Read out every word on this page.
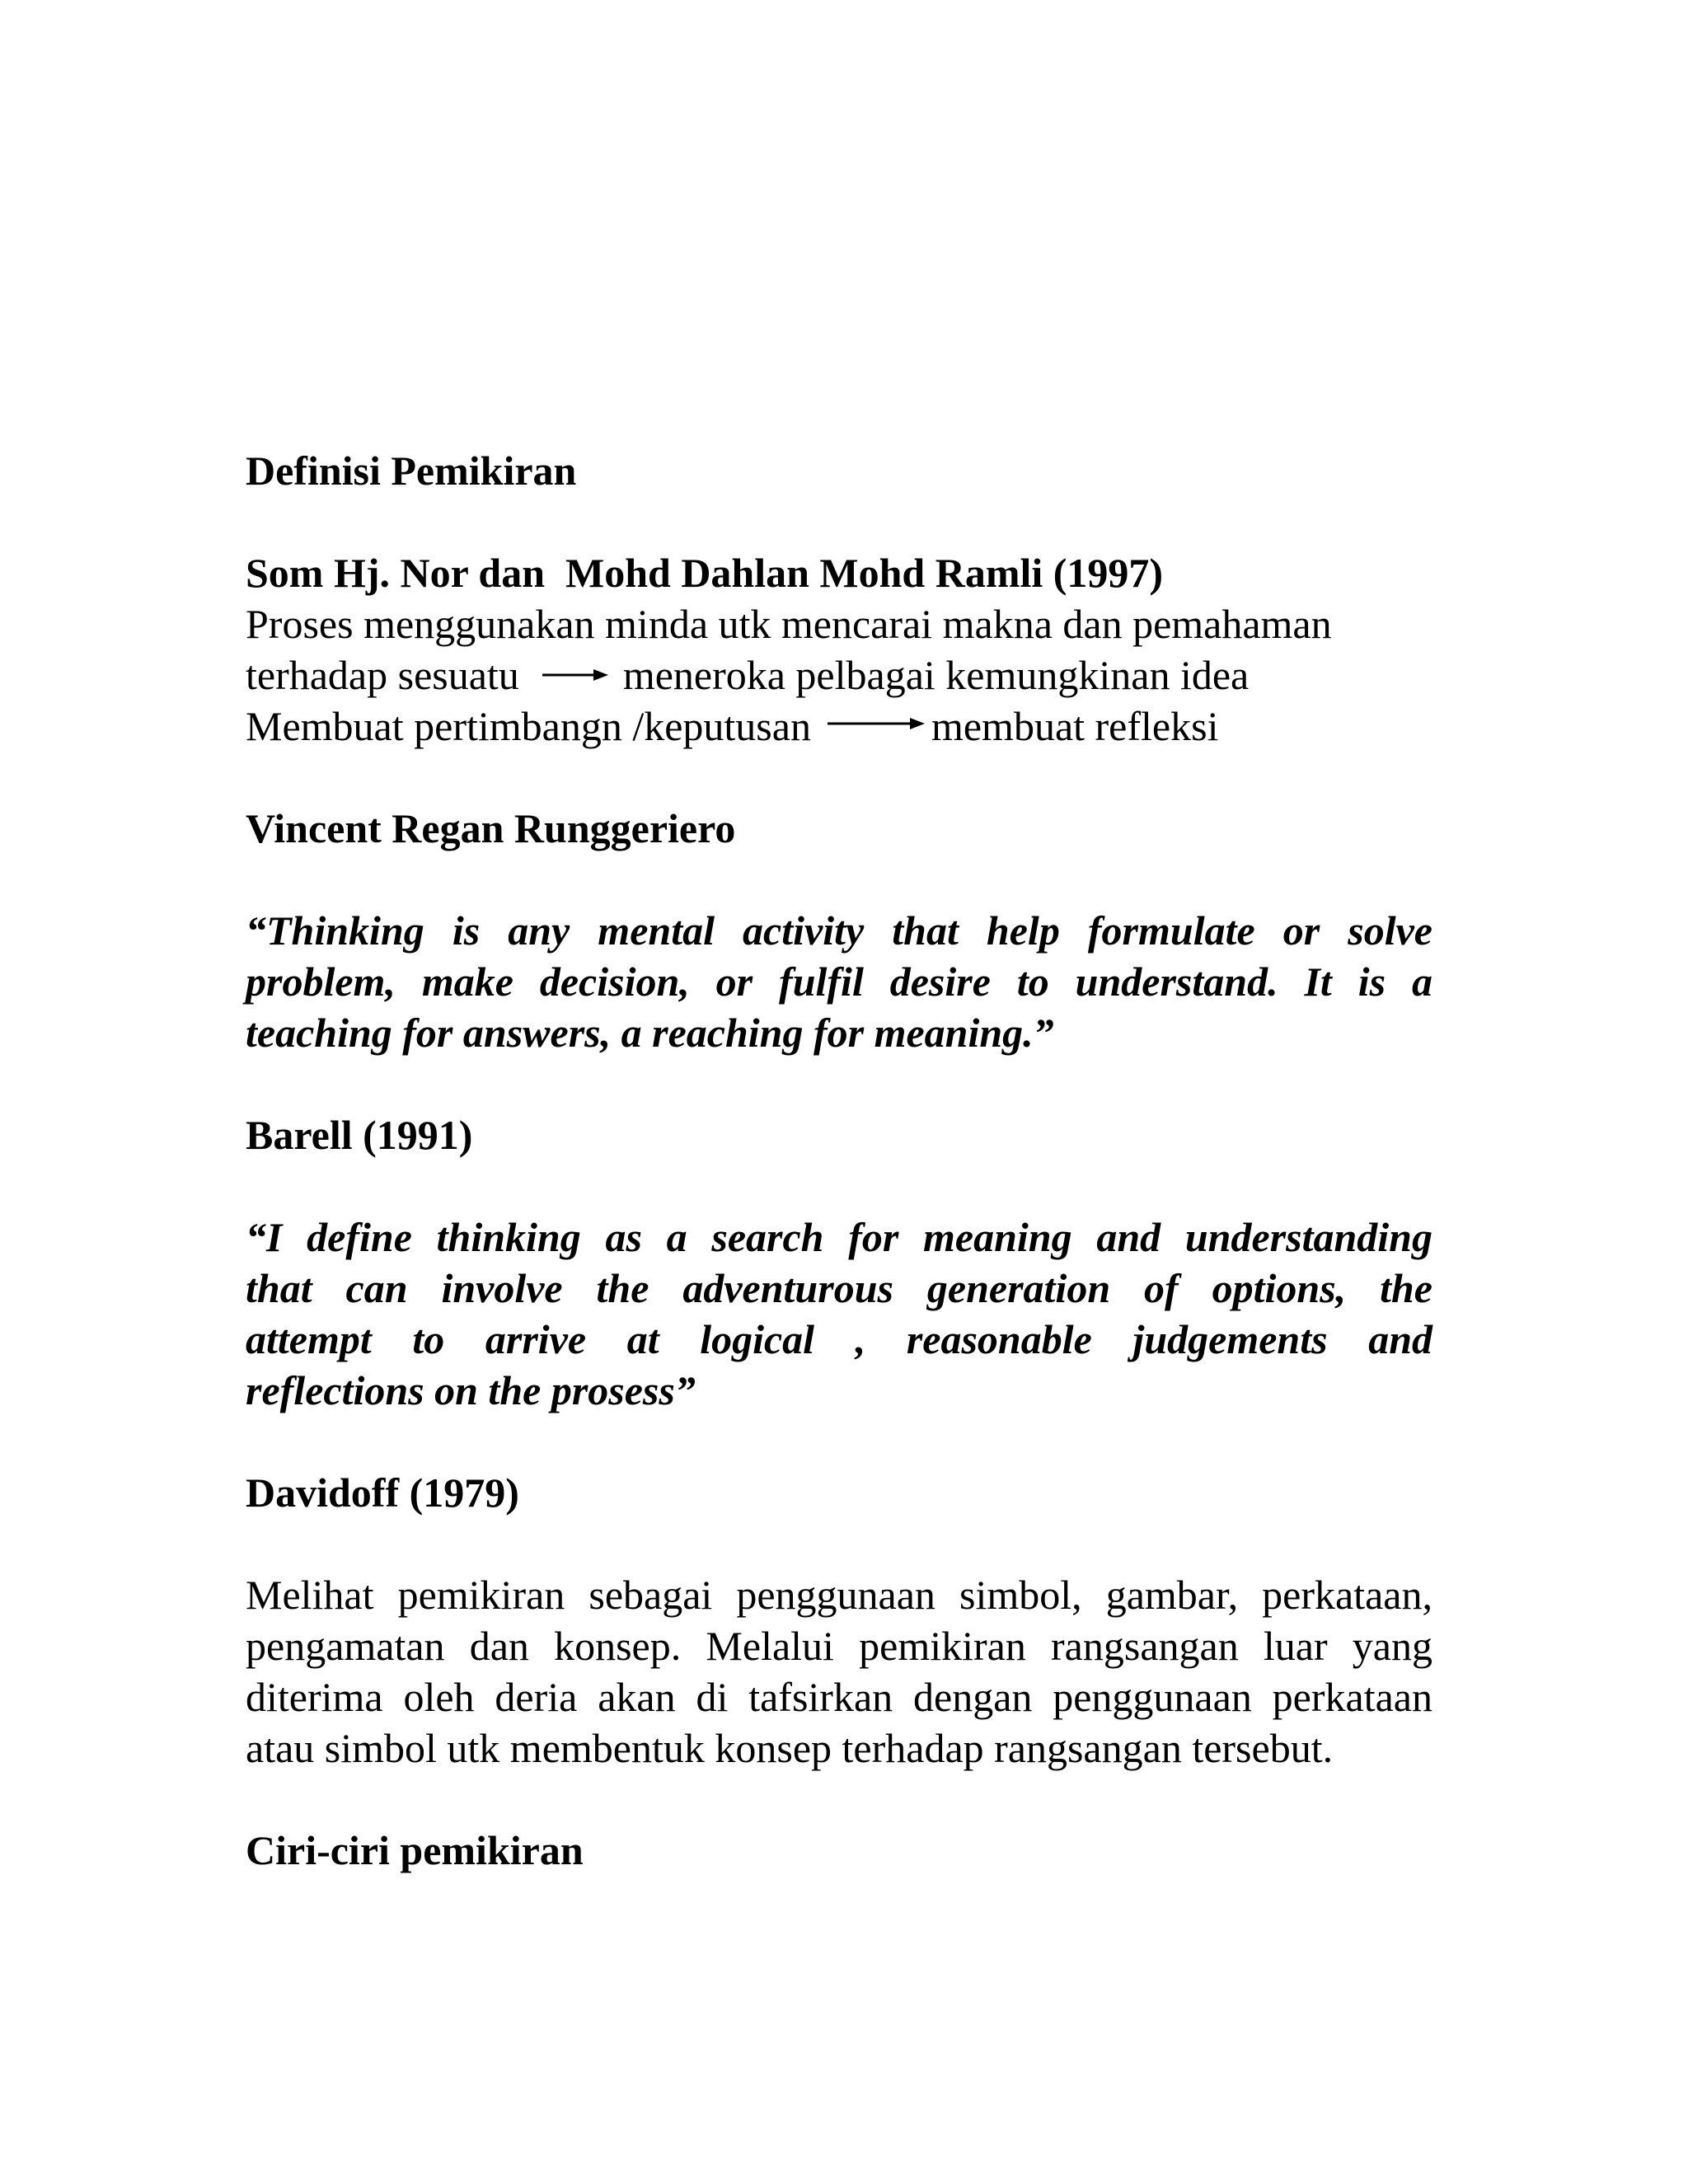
Definisi Pemikiran

Som Hj. Nor dan  Mohd Dahlan Mohd Ramli (1997)

Proses menggunakan minda utk mencarai makna dan pemahaman

terhadap sesuatu	meneroka pelbagai kemungkinan idea
Membuat pertimbangn /keputusan	membuat refleksi

Vincent Regan Runggeriero

“Thinking is any mental activity that help formulate or solve
problem, make decision, or fulfil desire to understand. It is a
teaching for answers, a reaching for meaning.”

Barell (1991)

“I define thinking as a search for meaning and understanding
that can involve the adventurous generation of options, the
attempt to arrive at logical , reasonable judgements and
reflections on the prosess”

Davidoff (1979)

Melihat pemikiran sebagai penggunaan simbol, gambar, perkataan,
pengamatan dan konsep. Melalui pemikiran rangsangan luar yang
diterima oleh deria akan di tafsirkan dengan penggunaan perkataan
atau simbol utk membentuk konsep terhadap rangsangan tersebut.

Ciri-ciri pemikiran
